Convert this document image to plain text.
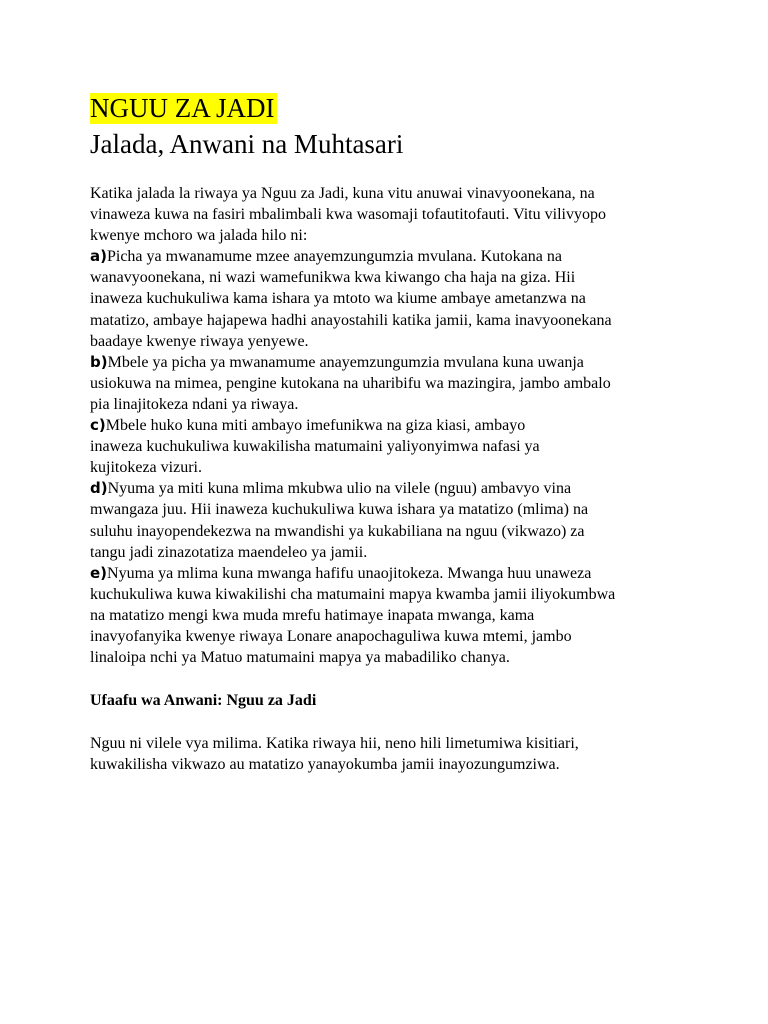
NGUU ZA JADI
Jalada, Anwani na Muhtasari

Katika jalada la riwaya ya Nguu za Jadi, kuna vitu anuwai vinavyoonekana, na
vinaweza kuwa na fasiri mbalimbali kwa wasomaji tofautitofauti. Vitu vilivyopo
kwenye mchoro wa jalada hilo ni:

a)Picha ya mwanamume mzee anayemzungumzia mvulana. Kutokana na
wanavyoonekana, ni wazi wamefunikwa kwa kiwango cha haja na giza. Hii
inaweza kuchukuliwa kama ishara ya mtoto wa kiume ambaye ametanzwa na
matatizo, ambaye hajapewa hadhi anayostahili katika jamii, kama inavyoonekana
baadaye kwenye riwaya yenyewe.
b)Mbele ya picha ya mwanamume anayemzungumzia mvulana kuna uwanja
usiokuwa na mimea, pengine kutokana na uharibifu wa mazingira, jambo ambalo
pia linajitokeza ndani ya riwaya.
c)Mbele huko kuna miti ambayo imefunikwa na giza kiasi, ambayo
inaweza kuchukuliwa kuwakilisha matumaini yaliyonyimwa nafasi ya
kujitokeza vizuri.
d)Nyuma ya miti kuna mlima mkubwa ulio na vilele (nguu) ambavyo vina
mwangaza juu. Hii inaweza kuchukuliwa kuwa ishara ya matatizo (mlima) na
suluhu inayopendekezwa na mwandishi ya kukabiliana na nguu (vikwazo) za
tangu jadi zinazotatiza maendeleo ya jamii.
e)Nyuma ya mlima kuna mwanga hafifu unaojitokeza. Mwanga huu unaweza
kuchukuliwa kuwa kiwakilishi cha matumaini mapya kwamba jamii iliyokumbwa
na matatizo mengi kwa muda mrefu hatimaye inapata mwanga, kama
inavyofanyika kwenye riwaya Lonare anapochaguliwa kuwa mtemi, jambo
linaloipa nchi ya Matuo matumaini mapya ya mabadiliko chanya.

Ufaafu wa Anwani: Nguu za Jadi

Nguu ni vilele vya milima. Katika riwaya hii, neno hili limetumiwa kisitiari,
kuwakilisha vikwazo au matatizo yanayokumba jamii inayozungumziwa.
